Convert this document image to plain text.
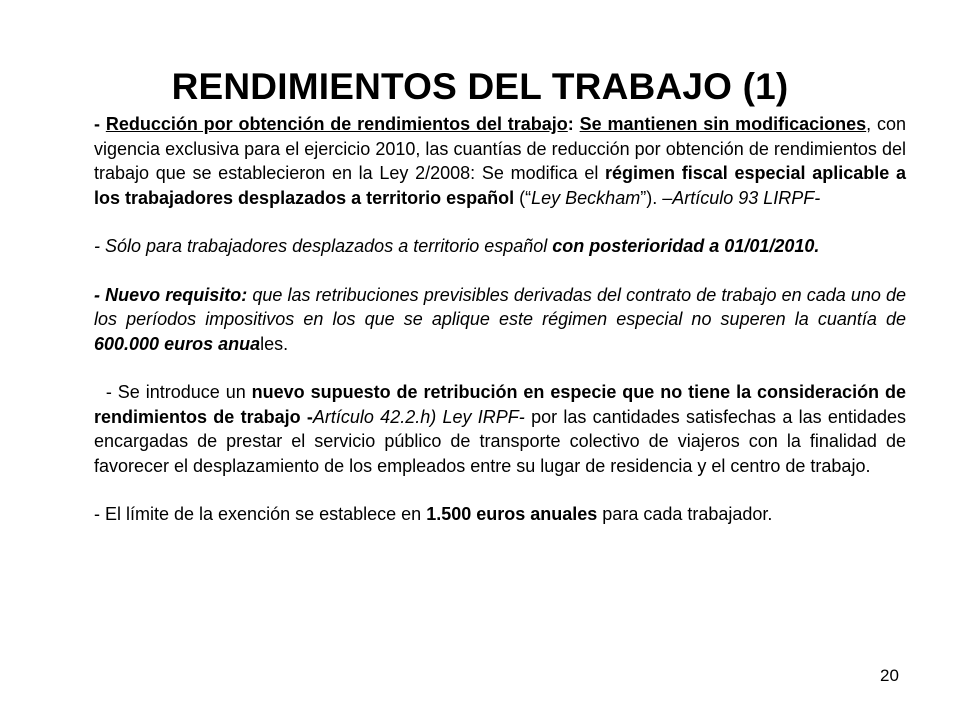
RENDIMIENTOS DEL TRABAJO (1)

- Reducción por obtención de rendimientos del trabajo: Se mantienen sin modificaciones, con vigencia exclusiva para el ejercicio 2010, las cuantías de reducción por obtención de rendimientos del trabajo que se establecieron en la Ley 2/2008: Se modifica el régimen fiscal especial aplicable a los trabajadores desplazados a territorio español (“Ley Beckham”). –Artículo 93 LIRPF-

- Sólo para trabajadores desplazados a territorio español con posterioridad a 01/01/2010.

- Nuevo requisito: que las retribuciones previsibles derivadas del contrato de trabajo en cada uno de los períodos impositivos en los que se aplique este régimen especial no superen la cuantía de 600.000 euros anuales.

- Se introduce un nuevo supuesto de retribución en especie que no tiene la consideración de rendimientos de trabajo -Artículo 42.2.h) Ley IRPF- por las cantidades satisfechas a las entidades encargadas de prestar el servicio público de transporte colectivo de viajeros con la finalidad de favorecer el desplazamiento de los empleados entre su lugar de residencia y el centro de trabajo.

- El límite de la exención se establece en 1.500 euros anuales para cada trabajador.

20
